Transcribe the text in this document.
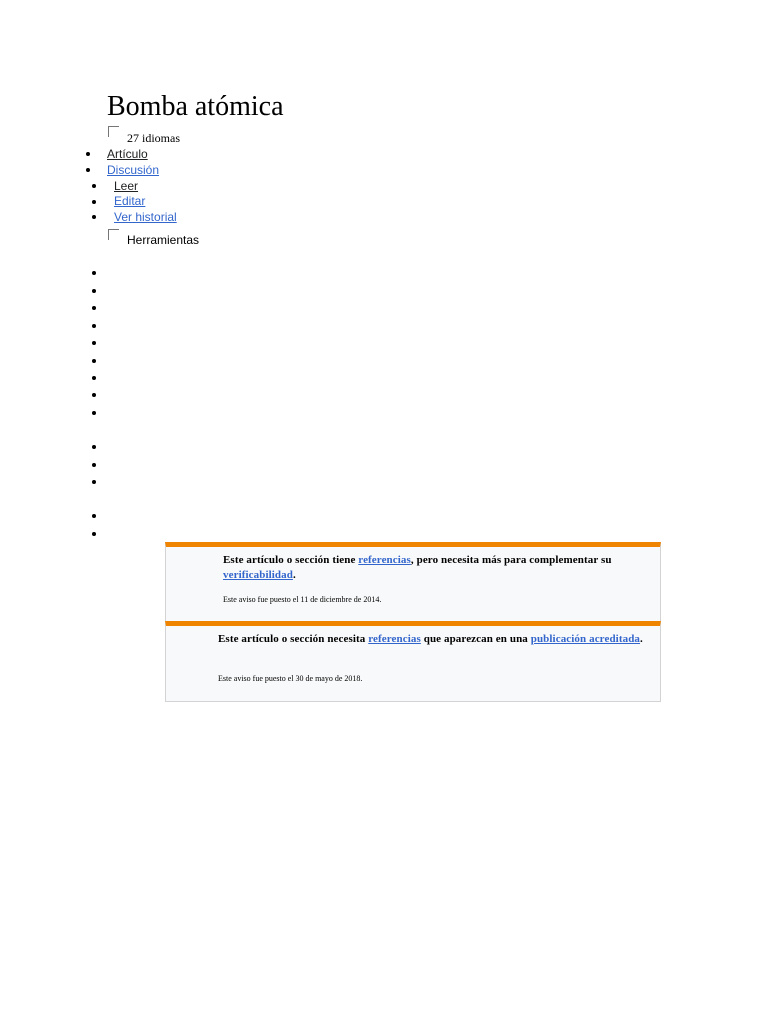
Bomba atómica
27 idiomas
Artículo
Discusión
Leer
Editar
Ver historial
Herramientas
Este artículo o sección tiene referencias, pero necesita más para complementar su verificabilidad.
Este aviso fue puesto el 11 de diciembre de 2014.
Este artículo o sección necesita referencias que aparezcan en una publicación acreditada.
Este aviso fue puesto el 30 de mayo de 2018.
